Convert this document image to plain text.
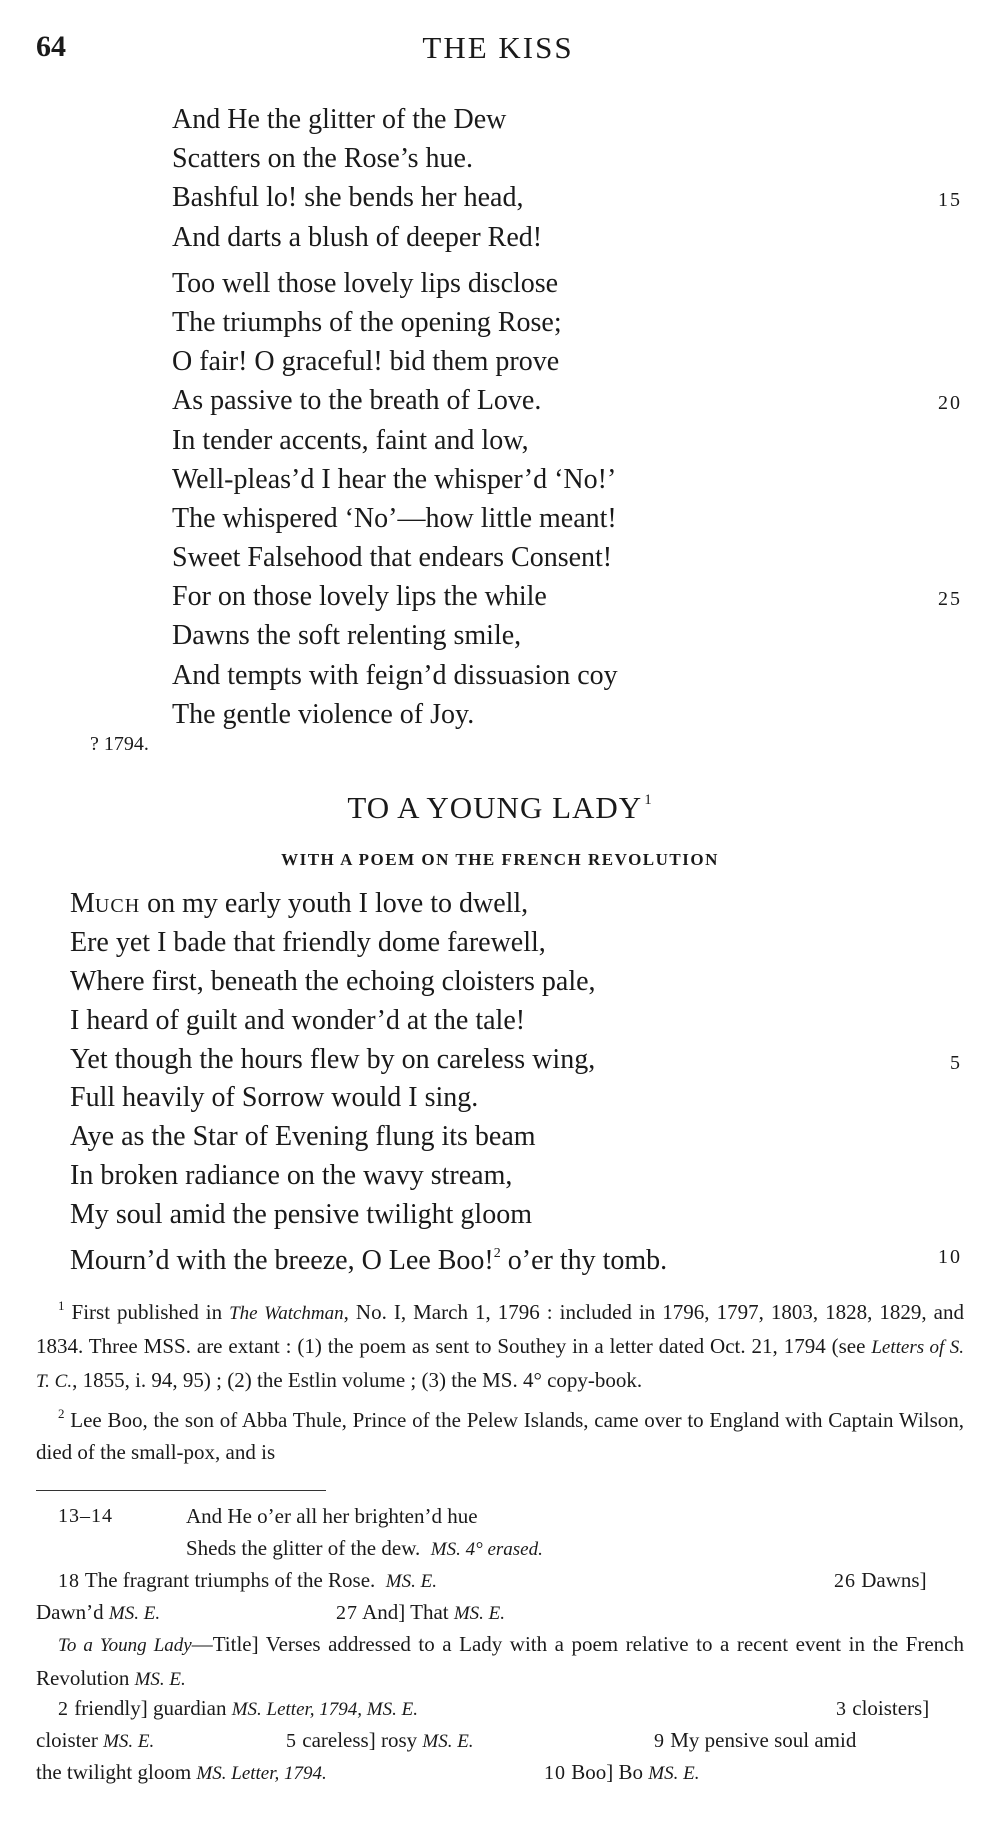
64	THE KISS
And He the glitter of the Dew
Scatters on the Rose’s hue.
Bashful lo! she bends her head,	15
And darts a blush of deeper Red!
Too well those lovely lips disclose
The triumphs of the opening Rose;
O fair! O graceful! bid them prove
As passive to the breath of Love.	20
In tender accents, faint and low,
Well-pleas’d I hear the whisper’d ‘No!’
The whispered ‘No’—how little meant!
Sweet Falsehood that endears Consent!
For on those lovely lips the while	25
Dawns the soft relenting smile,
And tempts with feign’d dissuasion coy
The gentle violence of Joy.
? 1794.
TO A YOUNG LADY $^1$
WITH A POEM ON THE FRENCH REVOLUTION
MUCH on my early youth I love to dwell,
Ere yet I bade that friendly dome farewell,
Where first, beneath the echoing cloisters pale,
I heard of guilt and wonder’d at the tale!
Yet though the hours flew by on careless wing,	5
Full heavily of Sorrow would I sing.
Aye as the Star of Evening flung its beam
In broken radiance on the wavy stream,
My soul amid the pensive twilight gloom
Mourn’d with the breeze, O Lee Boo!$^2$ o’er thy tomb.	10

$^1$ First published in The Watchman, No. I, March 1, 1796 : included in 1796, 1797, 1803, 1828, 1829, and 1834. Three MSS. are extant : (1) the poem as sent to Southey in a letter dated Oct. 21, 1794 (see Letters of S. T. C., 1855, i. 94, 95) ; (2) the Estlin volume ; (3) the MS. 4° copy-book.

$^2$ Lee Boo, the son of Abba Thule, Prince of the Pelew Islands, came over to England with Captain Wilson, died of the small-pox, and is

13–14	And He o’er all her brighten’d hue
Sheds the glitter of the dew. MS. 4° erased.
18 The fragrant triumphs of the Rose. MS. E.	26 Dawns]
Dawn’d MS. E.	27 And] That MS. E.
To a Young Lady—Title] Verses addressed to a Lady with a poem relative to a recent event in the French Revolution MS. E.
2 friendly] guardian MS. Letter, 1794, MS. E.	3 cloisters]
cloister MS. E.	5 careless] rosy MS. E.	9 My pensive soul amid
the twilight gloom MS. Letter, 1794.	10 Boo] Bo MS. E.
